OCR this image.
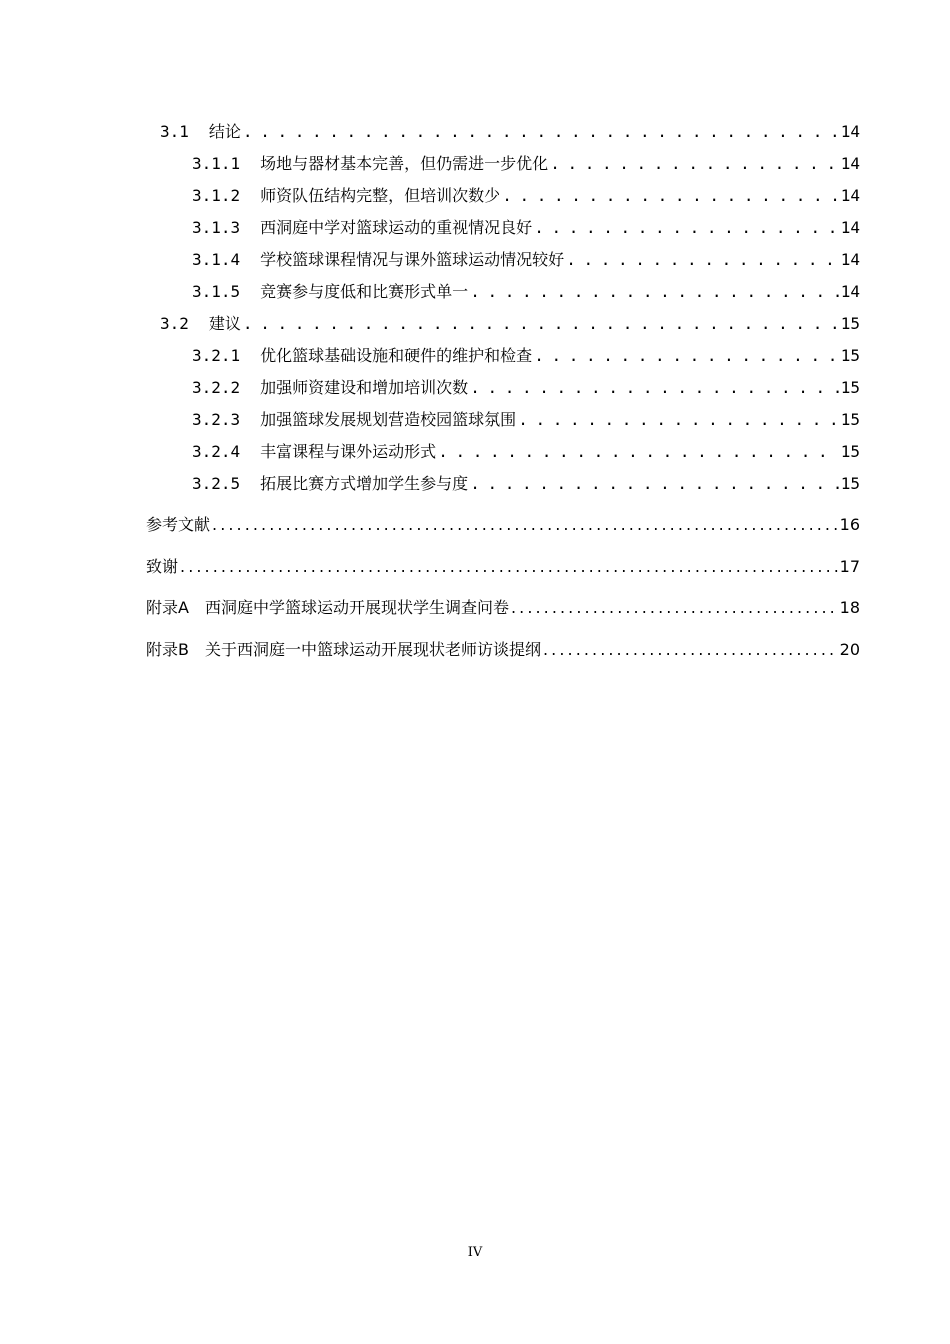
3.1 结论 . . .	14
3.1.1 场地与器材基本完善，但仍需进一步优化 . . .	14
3.1.2 师资队伍结构完整，但培训次数少 . . .	14
3.1.3 西洞庭中学对篮球运动的重视情况良好 . . .	14
3.1.4 学校篮球课程情况与课外篮球运动情况较好 . . .	14
3.1.5 竞赛参与度低和比赛形式单一 . . .	14
3.2 建议 . . .	15
3.2.1 优化篮球基础设施和硬件的维护和检查 . . .	15
3.2.2 加强师资建设和增加培训次数 . . .	15
3.2.3 加强篮球发展规划营造校园篮球氛围 . . .	15
3.2.4 丰富课程与课外运动形式 . . .	15
3.2.5 拓展比赛方式增加学生参与度 . . .	15
参考文献 . . .	16
致谢 . . .	17
附录A 西洞庭中学篮球运动开展现状学生调查问卷 . . .	18
附录B 关于西洞庭一中篮球运动开展现状老师访谈提纲 . . .	20
IV
